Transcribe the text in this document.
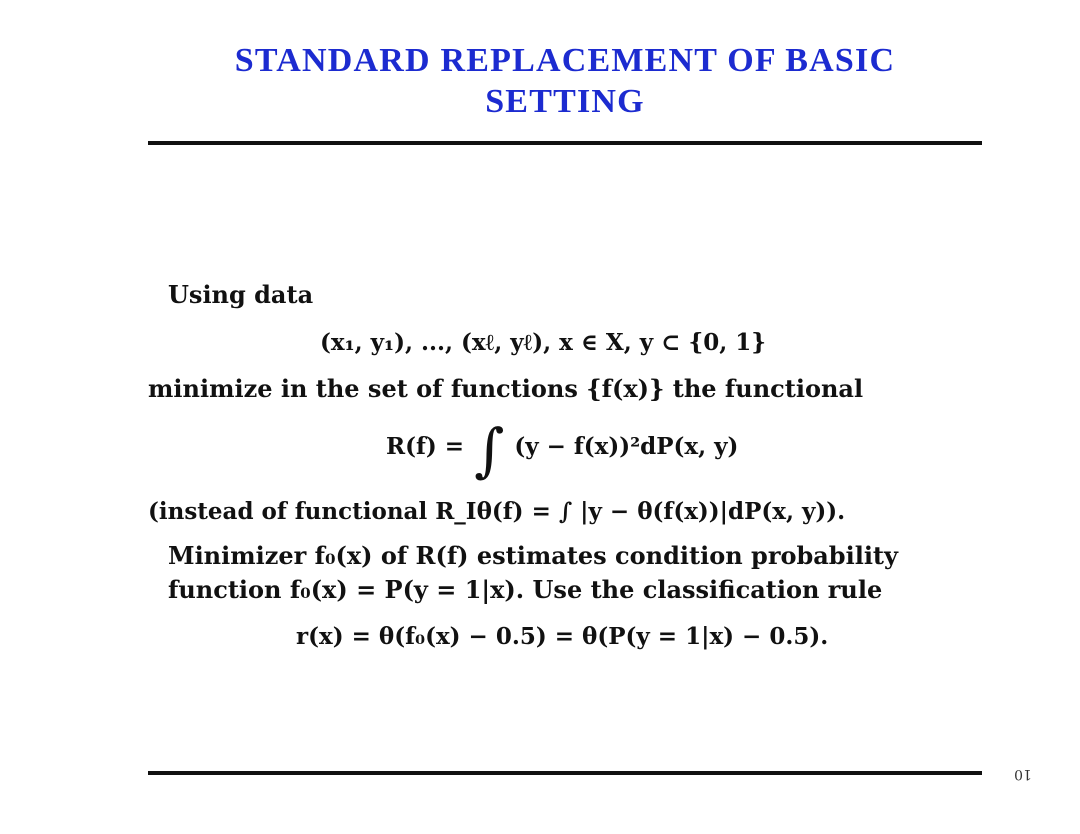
STANDARD REPLACEMENT OF BASIC
SETTING
Using data
(x₁, y₁), ..., (xℓ, yℓ), x ∈ X, y ⊂ {0, 1}
minimize in the set of functions {f(x)} the functional
R(f) = ∫ (y − f(x))²dP(x, y)
(instead of functional R_Iθ(f) = ∫ |y − θ(f(x))|dP(x, y)).
Minimizer f₀(x) of R(f) estimates condition probability
function f₀(x) = P(y = 1|x). Use the classification rule
r(x) = θ(f₀(x) − 0.5) = θ(P(y = 1|x) − 0.5).
10
